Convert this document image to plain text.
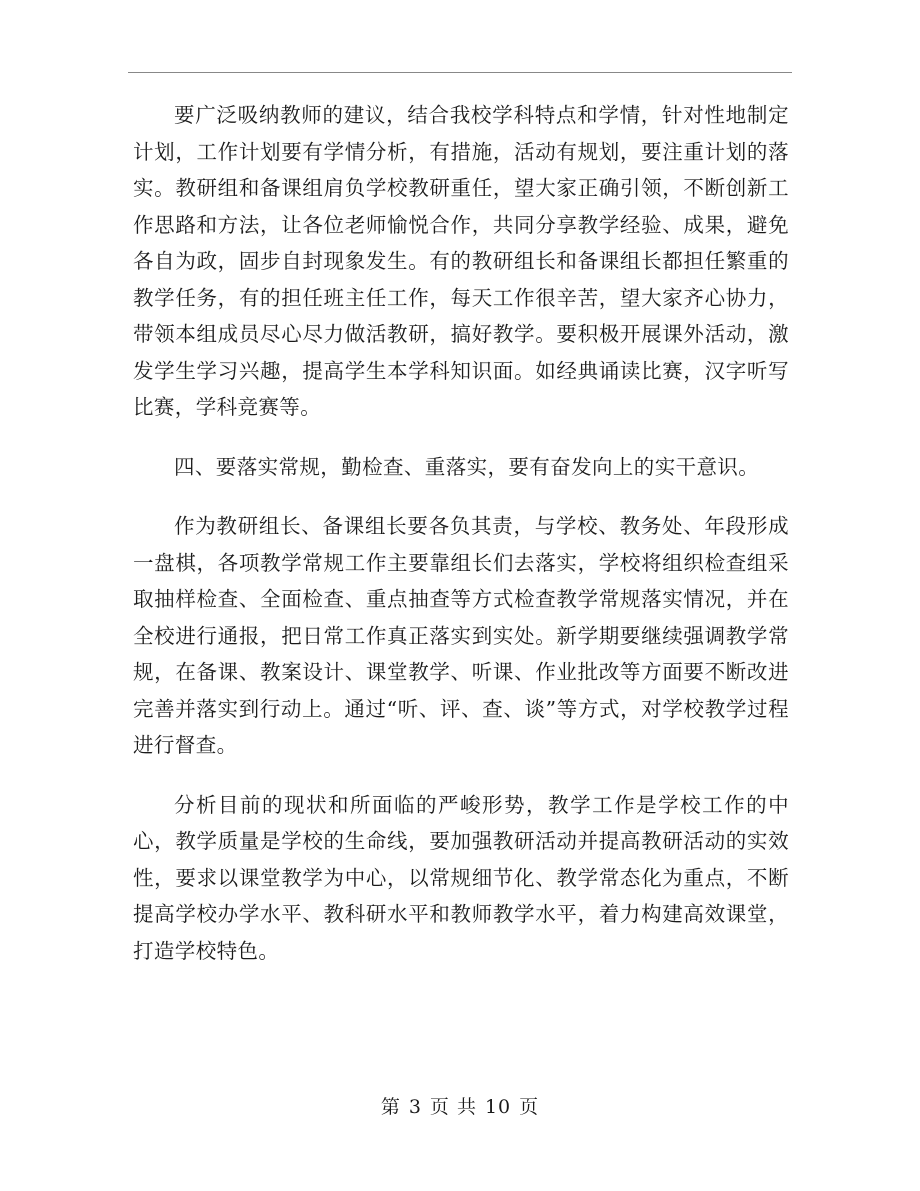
要广泛吸纳教师的建议，结合我校学科特点和学情，针对性地制定计划，工作计划要有学情分析，有措施，活动有规划，要注重计划的落实。教研组和备课组肩负学校教研重任，望大家正确引领，不断创新工作思路和方法，让各位老师愉悦合作，共同分享教学经验、成果，避免各自为政，固步自封现象发生。有的教研组长和备课组长都担任繁重的教学任务，有的担任班主任工作，每天工作很辛苦，望大家齐心协力，带领本组成员尽心尽力做活教研，搞好教学。要积极开展课外活动，激发学生学习兴趣，提高学生本学科知识面。如经典诵读比赛，汉字听写比赛，学科竞赛等。

四、要落实常规，勤检查、重落实，要有奋发向上的实干意识。

作为教研组长、备课组长要各负其责，与学校、教务处、年段形成一盘棋，各项教学常规工作主要靠组长们去落实，学校将组织检查组采取抽样检查、全面检查、重点抽查等方式检查教学常规落实情况，并在全校进行通报，把日常工作真正落实到实处。新学期要继续强调教学常规，在备课、教案设计、课堂教学、听课、作业批改等方面要不断改进完善并落实到行动上。通过“听、评、查、谈”等方式，对学校教学过程进行督查。

分析目前的现状和所面临的严峻形势，教学工作是学校工作的中心，教学质量是学校的生命线，要加强教研活动并提高教研活动的实效性，要求以课堂教学为中心，以常规细节化、教学常态化为重点，不断提高学校办学水平、教科研水平和教师教学水平，着力构建高效课堂，打造学校特色。

第 3 页 共 10 页
